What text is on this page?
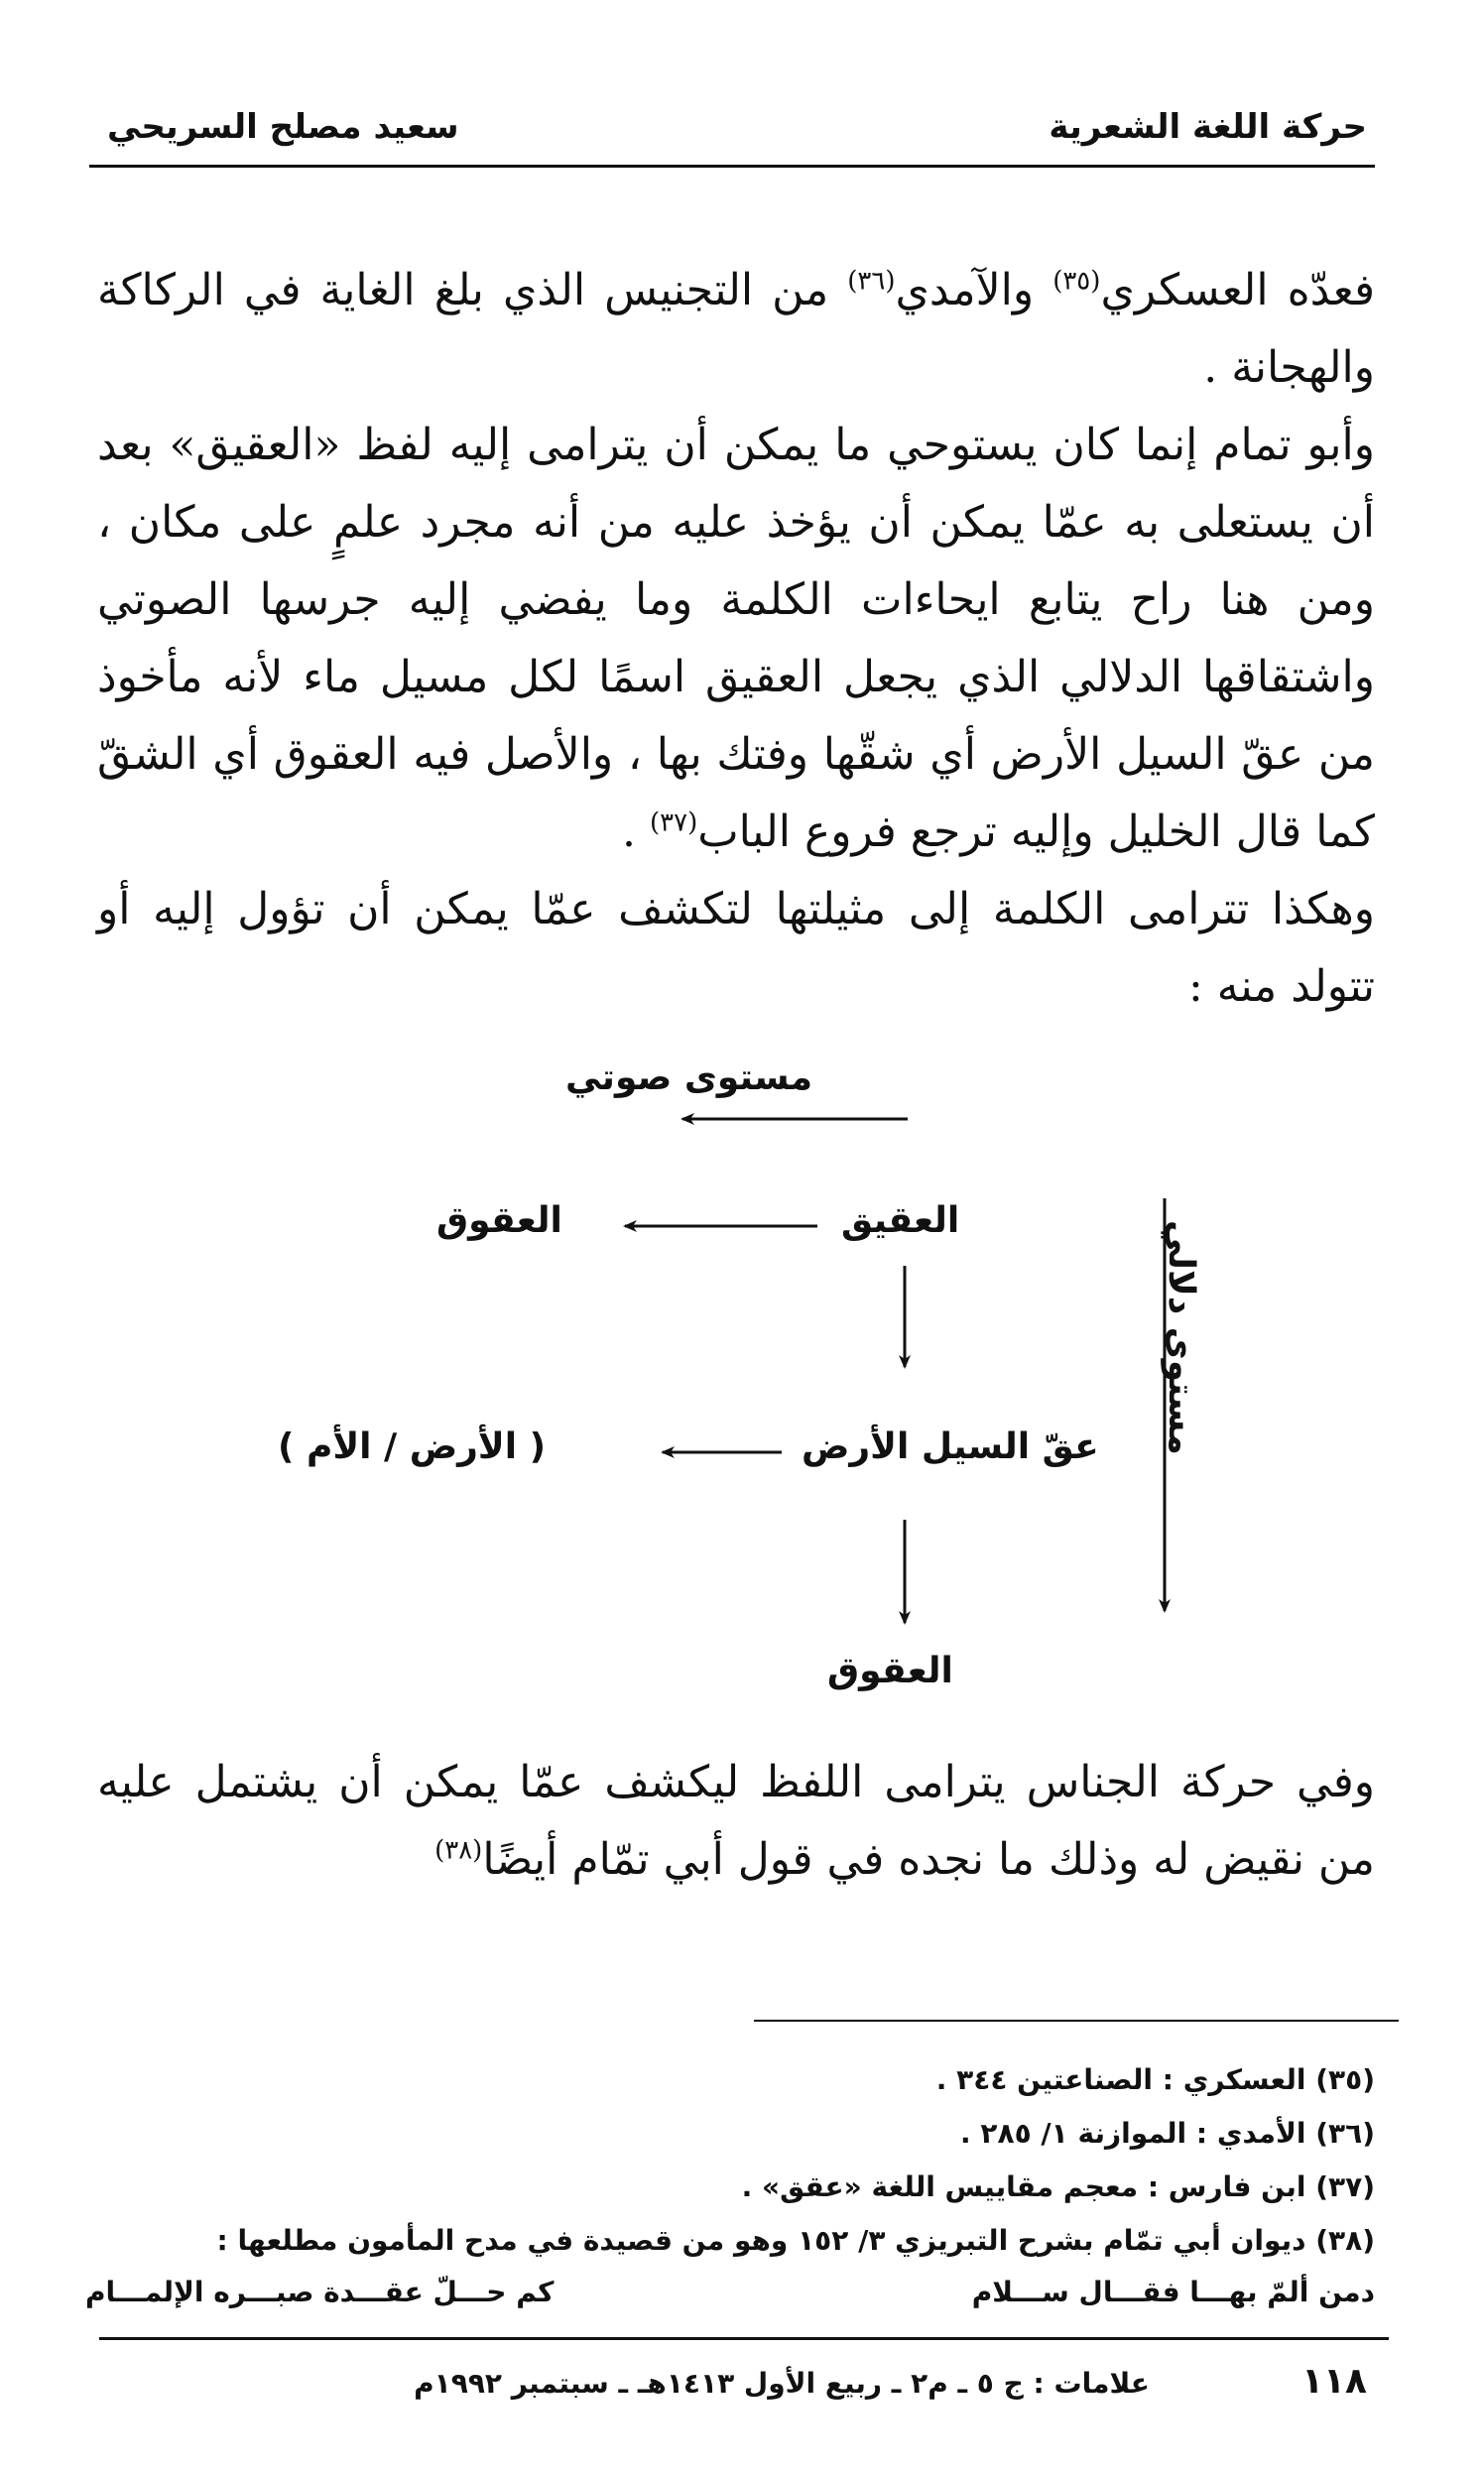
حركة اللغة الشعرية
سعيد مصلح السريحي
فعدّه العسكري$^{(٣٥)}$ والآمدي$^{(٣٦)}$ من التجنيس الذي بلغ الغاية في الركاكة والهجانة .
وأبو تمام إنما كان يستوحي ما يمكن أن يترامى إليه لفظ «العقيق» بعد أن يستعلى به عمّا يمكن أن يؤخذ عليه من أنه مجرد علمٍ على مكان ، ومن هنا راح يتابع ايحاءات الكلمة وما يفضي إليه جرسها الصوتي واشتقاقها الدلالي الذي يجعل العقيق اسمًا لكل مسيل ماء لأنه مأخوذ من عقّ السيل الأرض أي شقّها وفتك بها ، والأصل فيه العقوق أي الشقّ كما قال الخليل وإليه ترجع فروع الباب$^{(٣٧)}$ .
وهكذا تترامى الكلمة إلى مثيلتها لتكشف عمّا يمكن أن تؤول إليه أو تتولد منه :
مستوى صوتي
العقيق
العقوق
عقّ السيل الأرض
( الأرض / الأم )
العقوق
مستوى دلالي
وفي حركة الجناس يترامى اللفظ ليكشف عمّا يمكن أن يشتمل عليه من نقيض له وذلك ما نجده في قول أبي تمّام أيضًا$^{(٣٨)}$
(٣٥) العسكري : الصناعتين ٣٤٤ .
(٣٦) الأمدي : الموازنة ١/ ٢٨٥ .
(٣٧) ابن فارس : معجم مقاييس اللغة «عقق» .
(٣٨) ديوان أبي تمّام بشرح التبريزي ٣/ ١٥٢ وهو من قصيدة في مدح المأمون مطلعها :
دمن ألمّ بهـــا فقـــال ســـلام
كم حـــلّ عقـــدة صبـــره الإلمـــام
١١٨
علامات : ج ٥ ـ م٢ ـ ربيع الأول ١٤١٣هـ ـ سبتمبر ١٩٩٢م
